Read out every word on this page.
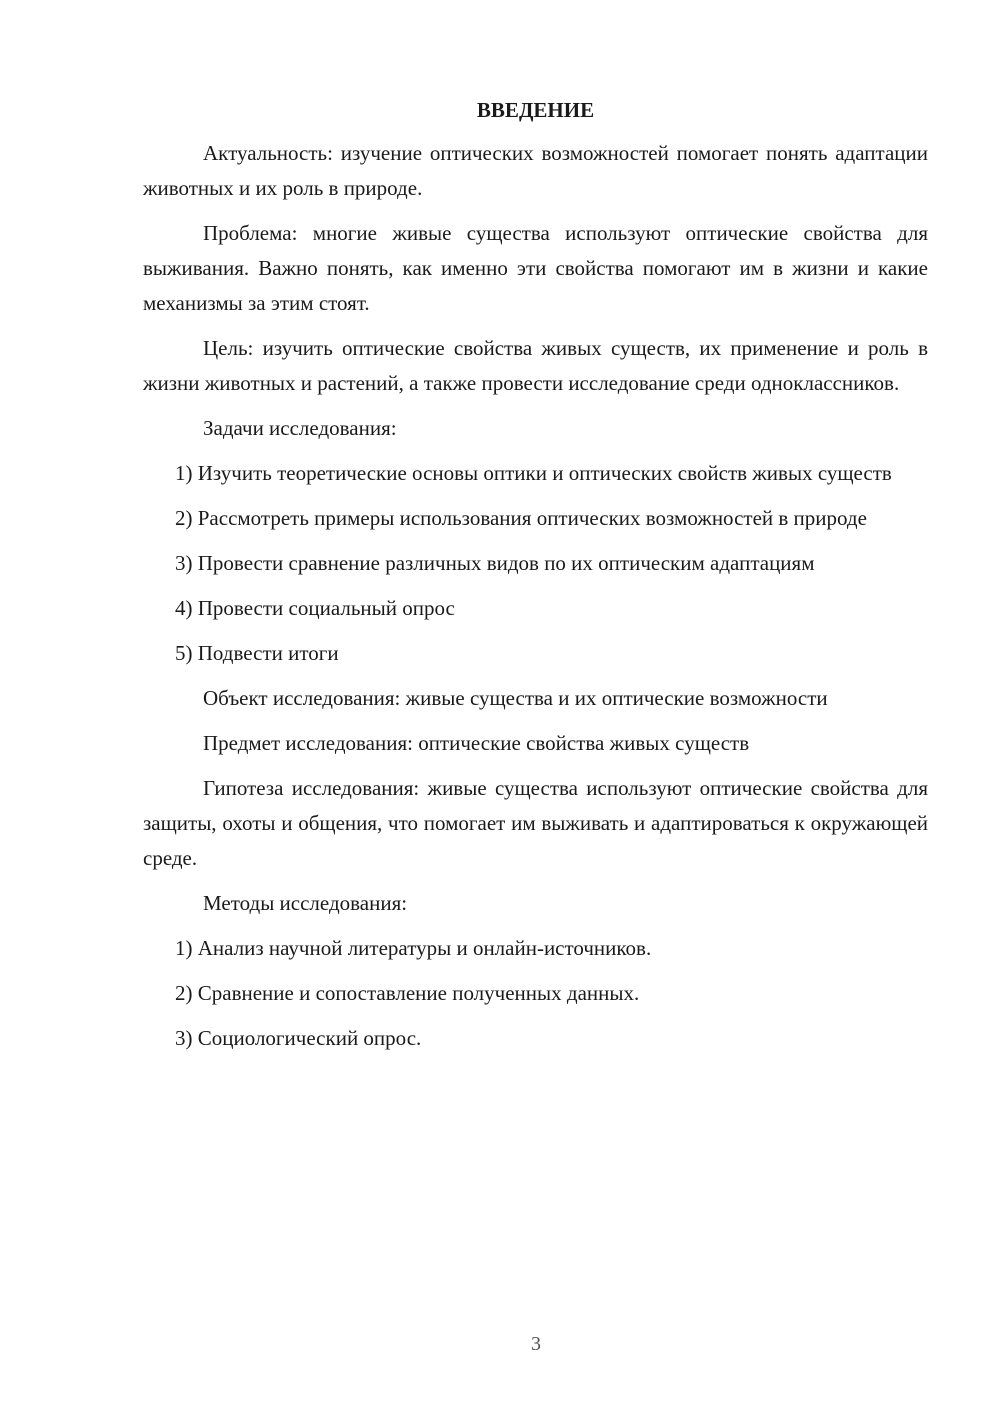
ВВЕДЕНИЕ

Актуальность: изучение оптических возможностей помогает понять адаптации животных и их роль в природе.

Проблема: многие живые существа используют оптические свойства для выживания. Важно понять, как именно эти свойства помогают им в жизни и какие механизмы за этим стоят.

Цель: изучить оптические свойства живых существ, их применение и роль в жизни животных и растений, а также провести исследование среди одноклассников.

Задачи исследования:

1) Изучить теоретические основы оптики и оптических свойств живых существ

2) Рассмотреть примеры использования оптических возможностей в природе

3) Провести сравнение различных видов по их оптическим адаптациям

4) Провести социальный опрос

5) Подвести итоги

Объект исследования: живые существа и их оптические возможности

Предмет исследования: оптические свойства живых существ

Гипотеза исследования: живые существа используют оптические свойства для защиты, охоты и общения, что помогает им выживать и адаптироваться к окружающей среде.

Методы исследования:

1) Анализ научной литературы и онлайн-источников.

2) Сравнение и сопоставление полученных данных.

3) Социологический опрос.

3
